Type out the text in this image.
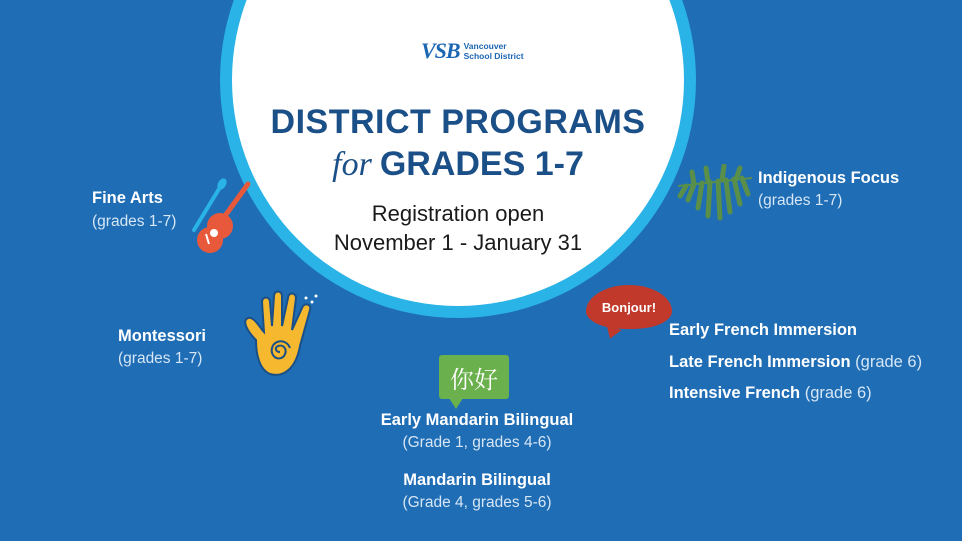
VSB Vancouver
School District
DISTRICT PROGRAMS
for GRADES 1-7
Registration open
November 1 - January 31
Fine Arts
(grades 1-7)
Montessori
(grades 1-7)
Indigenous Focus
(grades 1-7)
Bonjour!
Early French Immersion
Late French Immersion (grade 6)
Intensive French (grade 6)
你好
Early Mandarin Bilingual
(Grade 1, grades 4-6)
Mandarin Bilingual
(Grade 4, grades 5-6)
